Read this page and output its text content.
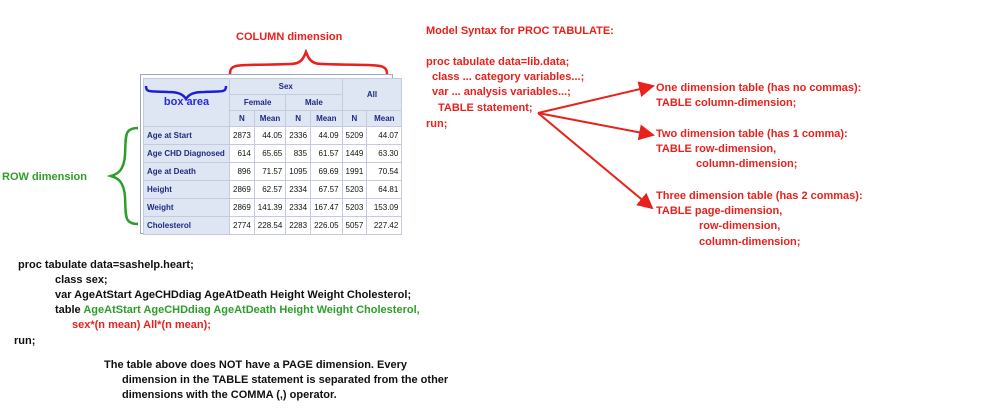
COLUMN dimension
box area	Sex				All	
	Female		Male			
	N	Mean	N	Mean	N	Mean
Age at Start	2873	44.05	2336	44.09	5209	44.07
Age CHD Diagnosed	614	65.65	835	61.57	1449	63.30
Age at Death	896	71.57	1095	69.69	1991	70.54
Height	2869	62.57	2334	67.57	5203	64.81
Weight	2869	141.39	2334	167.47	5203	153.09
Cholesterol	2774	228.54	2283	226.05	5057	227.42
ROW dimension
proc tabulate data=sashelp.heart;
class sex;
var AgeAtStart AgeCHDdiag AgeAtDeath Height Weight Cholesterol;
table AgeAtStart AgeCHDdiag AgeAtDeath Height Weight Cholesterol,
sex*(n mean) All*(n mean);
run;
The table above does NOT have a PAGE dimension. Every
dimension in the TABLE statement is separated from the other
dimensions with the COMMA (,) operator.
Model Syntax for PROC TABULATE:
proc tabulate data=lib.data;
class ... category variables...;
var ... analysis variables...;
TABLE statement;
run;
One dimension table (has no commas):
TABLE column-dimension;
Two dimension table (has 1 comma):
TABLE row-dimension,
column-dimension;
Three dimension table (has 2 commas):
TABLE page-dimension,
row-dimension,
column-dimension;
